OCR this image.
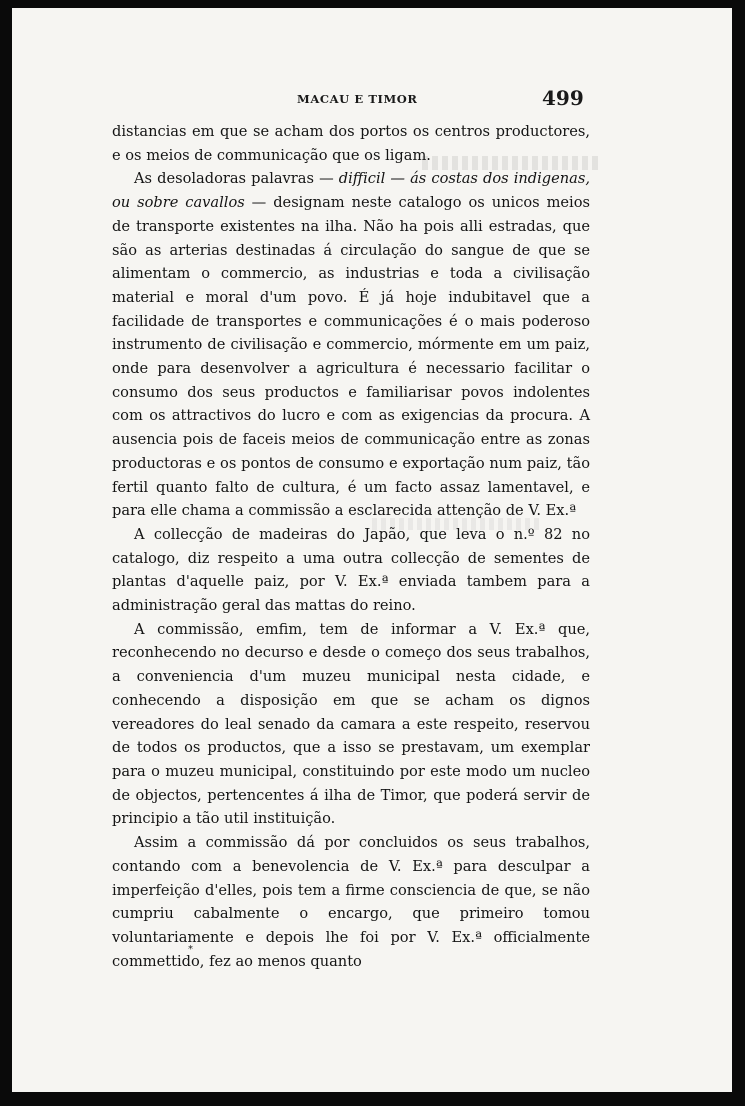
MACAU E TIMOR	499

distancias em que se acham dos portos os centros productores, e os meios de communicação que os ligam.

As desoladoras palavras — difficil — ás costas dos indigenas, ou sobre cavallos — designam neste catalogo os unicos meios de transporte existentes na ilha. Não ha pois alli estradas, que são as arterias destinadas á circulação do sangue de que se alimentam o commercio, as industrias e toda a civilisação material e moral d'um povo. É já hoje indubitavel que a facilidade de transportes e communicações é o mais poderoso instrumento de civilisação e commercio, mórmente em um paiz, onde para desenvolver a agricultura é necessario facilitar o consumo dos seus productos e familiarisar povos indolentes com os attractivos do lucro e com as exigencias da procura. A ausencia pois de faceis meios de communicação entre as zonas productoras e os pontos de consumo e exportação num paiz, tão fertil quanto falto de cultura, é um facto assaz lamentavel, e para elle chama a commissão a esclarecida attenção de V. Ex.ª

A collecção de madeiras do Japão, que leva o n.º 82 no catalogo, diz respeito a uma outra collecção de sementes de plantas d'aquelle paiz, por V. Ex.ª enviada tambem para a administração geral das mattas do reino.

A commissão, emfim, tem de informar a V. Ex.ª que, reconhecendo no decurso e desde o começo dos seus trabalhos, a conveniencia d'um muzeu municipal nesta cidade, e conhecendo a disposição em que se acham os dignos vereadores do leal senado da camara a este respeito, reservou de todos os productos, que a isso se prestavam, um exemplar para o muzeu municipal, constituindo por este modo um nucleo de objectos, pertencentes á ilha de Timor, que poderá servir de principio a tão util instituição.

Assim a commissão dá por concluidos os seus trabalhos, contando com a benevolencia de V. Ex.ª para desculpar a imperfeição d'elles, pois tem a firme consciencia de que, se não cumpriu cabalmente o encargo, que primeiro tomou voluntariamente e depois lhe foi por V. Ex.ª officialmente commettido, fez ao menos quanto

*
